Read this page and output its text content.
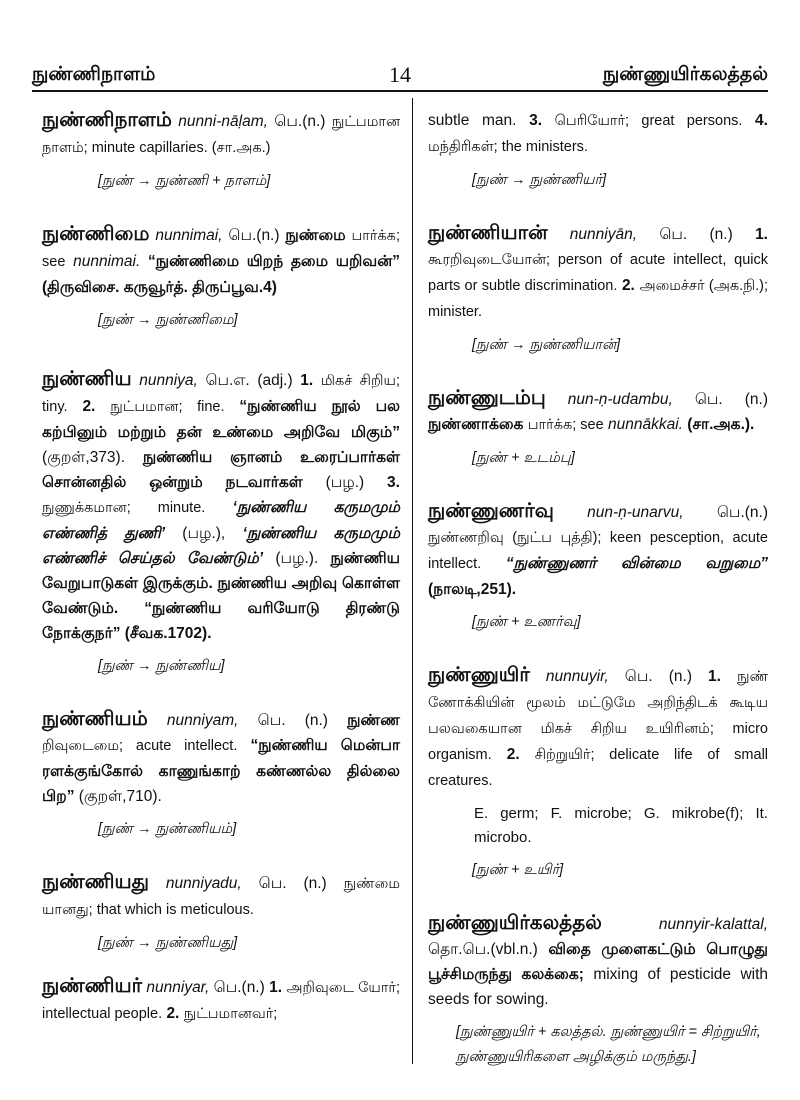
நுண்ணிநாளம்	14	நுண்ணுயிர்கலத்தல்
நுண்ணிநாளம் nunni-nāḷam, பெ.(n.) நுட்பமான நாளம்; minute capillaries. (சா.அக.)
[நுண் → நுண்ணி + நாளம்]
நுண்ணிமை nunnimai, பெ.(n.) நுண்மை பார்க்க; see nunnimai. “நுண்ணிமை யிறந் தமை யறிவன்” (திருவிசை. கருவூர்த். திருப்பூவ.4)
[நுண் → நுண்ணிமை]
நுண்ணிய nunniya, பெ.எ. (adj.) 1. மிகச் சிறிய; tiny. 2. நுட்பமான; fine. “நுண்ணிய நூல் பல கற்பினும் மற்றும் தன் உண்மை அறிவே மிகும்” (குறள்,373). நுண்ணிய ஞானம் உரைப்பார்கள் சொன்னதில் ஒன்றும் நடவார்கள் (பழ.) 3. நுணுக்கமான; minute. ‘நுண்ணிய கருமமும் எண்ணித் துணி’ (பழ.), ‘நுண்ணிய கருமமும் எண்ணிச் செய்தல் வேண்டும்’ (பழ.). நுண்ணிய வேறுபாடுகள் இருக்கும். நுண்ணிய அறிவு கொள்ள வேண்டும். “நுண்ணிய வரியோடு திரண்டு நோக்குநர்” (சீவக.1702).
[நுண் → நுண்ணிய]
நுண்ணியம் nunniyam, பெ. (n.) நுண்ண றிவுடைமை; acute intellect. “நுண்ணிய மென்பா ரளக்குங்கோல் காணுங்காற் கண்ணல்ல தில்லை பிற” (குறள்,710).
[நுண் → நுண்ணியம்]
நுண்ணியது nunniyadu, பெ. (n.) நுண்மை யானது; that which is meticulous.
[நுண் → நுண்ணியது]
நுண்ணியர் nunniyar, பெ.(n.) 1. அறிவுடை யோர்; intellectual people. 2. நுட்பமானவர்;
subtle man. 3. பெரியோர்; great persons. 4. மந்திரிகள்; the ministers.
[நுண் → நுண்ணியர்]
நுண்ணியான் nunniyān, பெ. (n.) 1. கூரறிவுடையோன்; person of acute intellect, quick parts or subtle discrimination. 2. அமைச்சர் (அக.நி.); minister.
[நுண் → நுண்ணியான்]
நுண்ணுடம்பு nun-ṇ-udambu, பெ. (n.) நுண்ணாக்கை பார்க்க; see nunnākkai. (சா.அக.).
[நுண் + உடம்பு]
நுண்ணுணர்வு nun-ṇ-unarvu, பெ.(n.) நுண்ணறிவு (நுட்ப புத்தி); keen pesception, acute intellect. “நுண்ணுணர் வின்மை வறுமை” (நாலடி,251).
[நுண் + உணர்வு]
நுண்ணுயிர் nunnuyir, பெ. (n.) 1. நுண் ணோக்கியின் மூலம் மட்டுமே அறிந்திடக் கூடிய பலவகையான மிகச் சிறிய உயிரினம்; micro organism. 2. சிற்றுயிர்; delicate life of small creatures.
E. germ; F. microbe; G. mikrobe(f); It. microbo.
[நுண் + உயிர்]
நுண்ணுயிர்கலத்தல்	nunnyir-kalattal, தொ.பெ.(vbl.n.) விதை முளைகட்டும் பொழுது பூச்சிமருந்து கலக்கை; mixing of pesticide with seeds for sowing.
[நுண்ணுயிர் + கலத்தல். நுண்ணுயிர் = சிற்றுயிர், நுண்ணுயிரிகளை அழிக்கும் மருந்து.]
